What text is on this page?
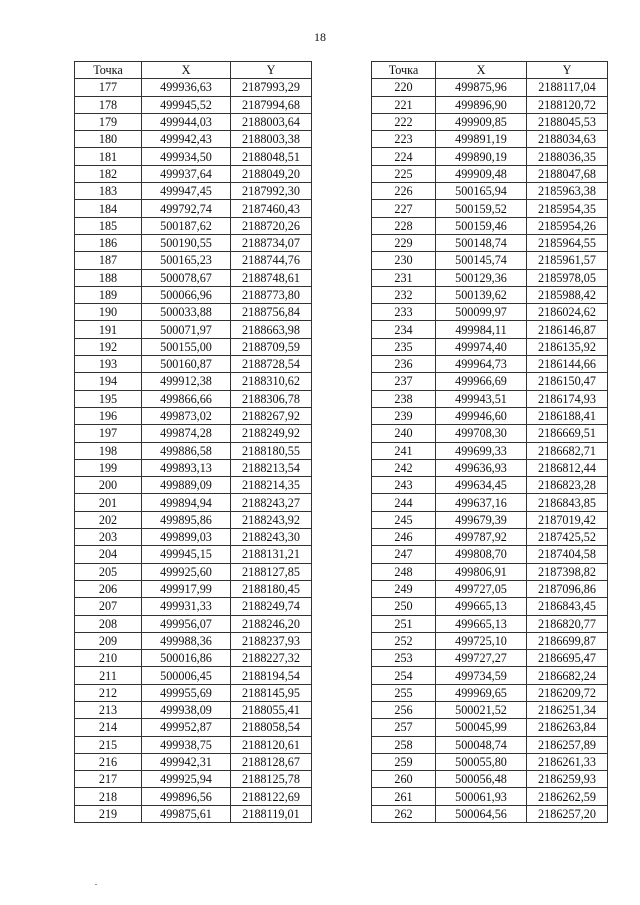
18
Точка	X	Y
177	499936,63	2187993,29
178	499945,52	2187994,68
179	499944,03	2188003,64
180	499942,43	2188003,38
181	499934,50	2188048,51
182	499937,64	2188049,20
183	499947,45	2187992,30
184	499792,74	2187460,43
185	500187,62	2188720,26
186	500190,55	2188734,07
187	500165,23	2188744,76
188	500078,67	2188748,61
189	500066,96	2188773,80
190	500033,88	2188756,84
191	500071,97	2188663,98
192	500155,00	2188709,59
193	500160,87	2188728,54
194	499912,38	2188310,62
195	499866,66	2188306,78
196	499873,02	2188267,92
197	499874,28	2188249,92
198	499886,58	2188180,55
199	499893,13	2188213,54
200	499889,09	2188214,35
201	499894,94	2188243,27
202	499895,86	2188243,92
203	499899,03	2188243,30
204	499945,15	2188131,21
205	499925,60	2188127,85
206	499917,99	2188180,45
207	499931,33	2188249,74
208	499956,07	2188246,20
209	499988,36	2188237,93
210	500016,86	2188227,32
211	500006,45	2188194,54
212	499955,69	2188145,95
213	499938,09	2188055,41
214	499952,87	2188058,54
215	499938,75	2188120,61
216	499942,31	2188128,67
217	499925,94	2188125,78
218	499896,56	2188122,69
219	499875,61	2188119,01
Точка	X	Y
220	499875,96	2188117,04
221	499896,90	2188120,72
222	499909,85	2188045,53
223	499891,19	2188034,63
224	499890,19	2188036,35
225	499909,48	2188047,68
226	500165,94	2185963,38
227	500159,52	2185954,35
228	500159,46	2185954,26
229	500148,74	2185964,55
230	500145,74	2185961,57
231	500129,36	2185978,05
232	500139,62	2185988,42
233	500099,97	2186024,62
234	499984,11	2186146,87
235	499974,40	2186135,92
236	499964,73	2186144,66
237	499966,69	2186150,47
238	499943,51	2186174,93
239	499946,60	2186188,41
240	499708,30	2186669,51
241	499699,33	2186682,71
242	499636,93	2186812,44
243	499634,45	2186823,28
244	499637,16	2186843,85
245	499679,39	2187019,42
246	499787,92	2187425,52
247	499808,70	2187404,58
248	499806,91	2187398,82
249	499727,05	2187096,86
250	499665,13	2186843,45
251	499665,13	2186820,77
252	499725,10	2186699,87
253	499727,27	2186695,47
254	499734,59	2186682,24
255	499969,65	2186209,72
256	500021,52	2186251,34
257	500045,99	2186263,84
258	500048,74	2186257,89
259	500055,80	2186261,33
260	500056,48	2186259,93
261	500061,93	2186262,59
262	500064,56	2186257,20
